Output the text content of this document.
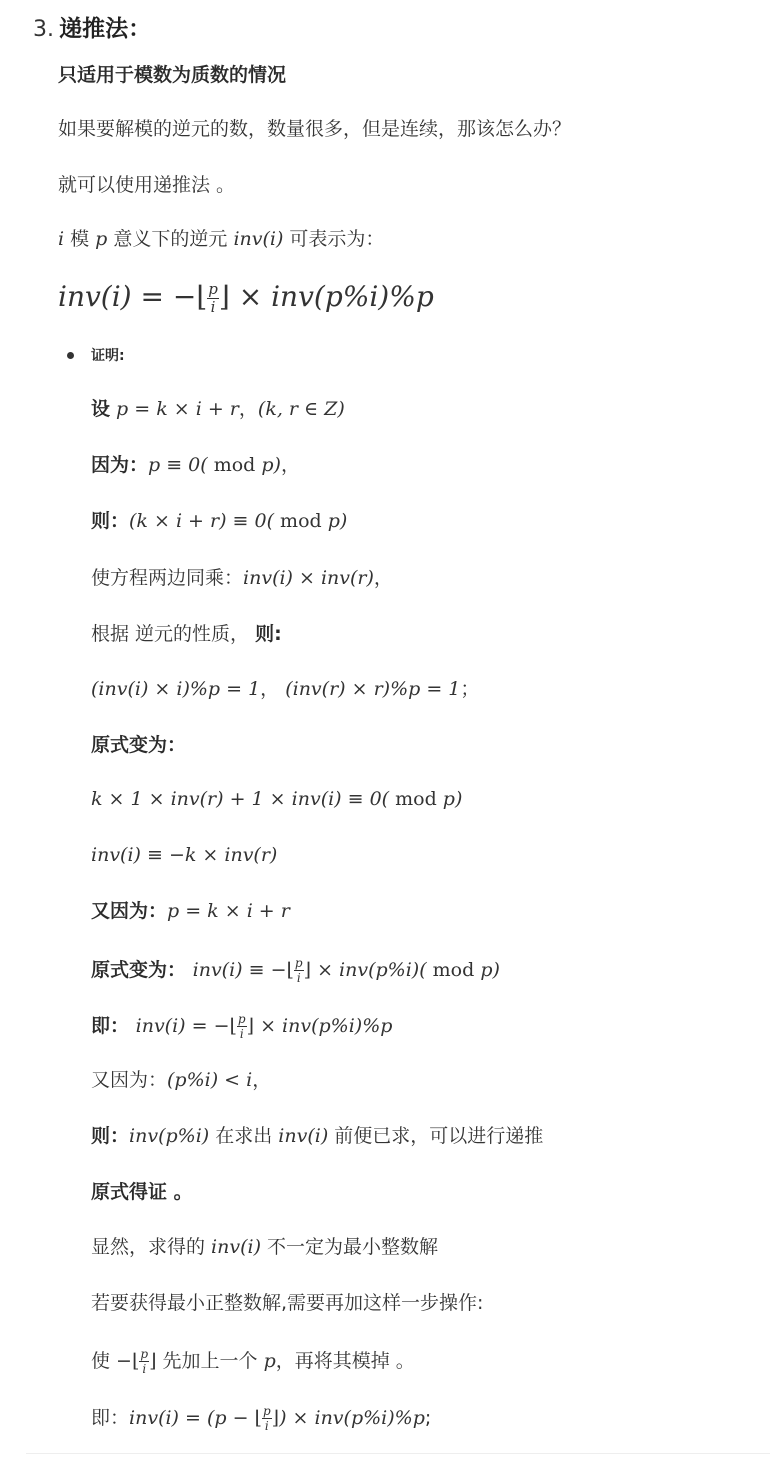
3. 递推法：
只适用于模数为质数的情况
如果要解模的逆元的数，数量很多，但是连续，那该怎么办？
就可以使用递推法 。
i 模 p 意义下的逆元 inv(i) 可表示为：
inv(i) = −⌊ $\frac{p}{i}$ ⌋ × inv(p%i)%p
证明:
设 p = k × i + r，(k, r ∈ Z)
因为：p ≡ 0( mod p)，
则：(k × i + r) ≡ 0( mod p)
使方程两边同乘：inv(i) × inv(r)，
根据 逆元的性质， 则:
(inv(i) × i)%p = 1， (inv(r) × r)%p = 1；
原式变为：
k × 1 × inv(r) + 1 × inv(i) ≡ 0( mod p)
inv(i) ≡ −k × inv(r)
又因为：p = k × i + r
原式变为： inv(i) ≡ −⌊ $\frac{p}{i}$ ⌋ × inv(p%i)( mod p)
即： inv(i) = −⌊ $\frac{p}{i}$ ⌋ × inv(p%i)%p
又因为：(p%i) < i，
则：inv(p%i) 在求出 inv(i) 前便已求，可以进行递推
原式得证 。
显然，求得的 inv(i) 不一定为最小整数解
若要获得最小正整数解,需要再加这样一步操作:
使 −⌊ $\frac{p}{i}$ ⌋ 先加上一个 p，再将其模掉 。
即：inv(i) = (p − ⌊ $\frac{p}{i}$ ⌋) × inv(p%i)%p;
